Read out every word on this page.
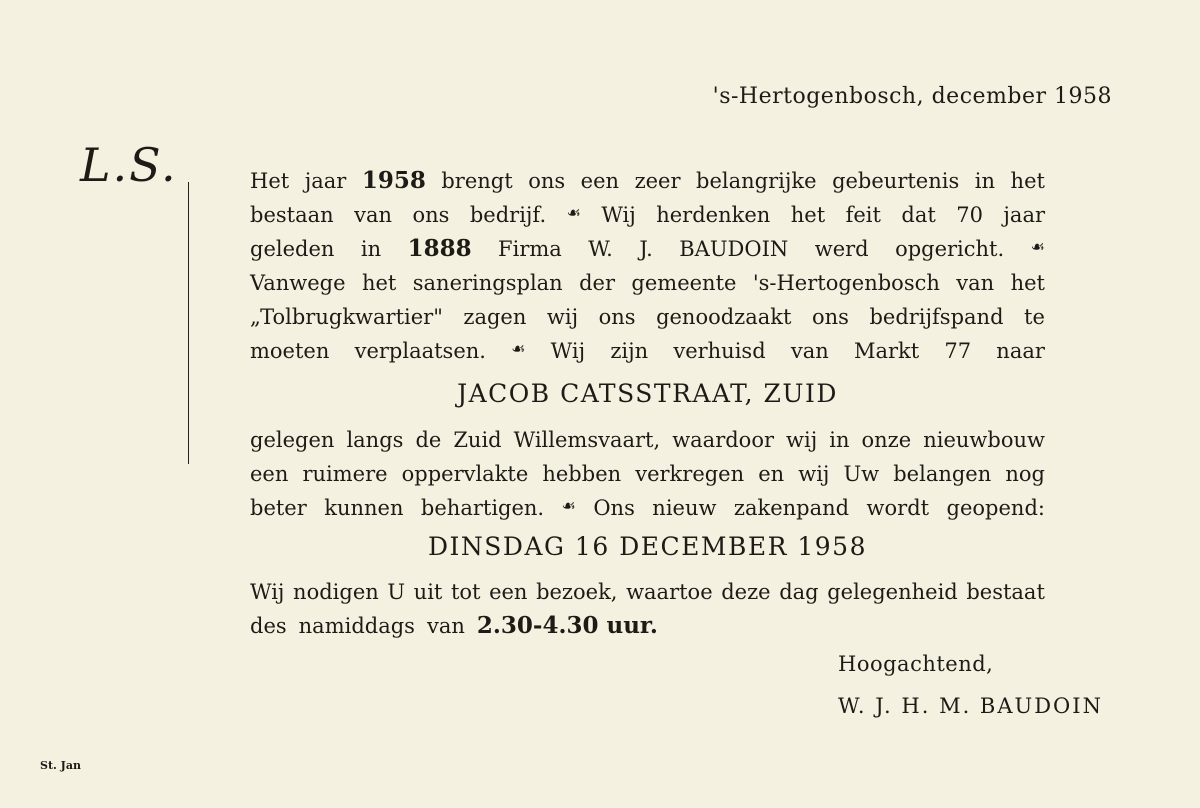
's-Hertogenbosch, december 1958
L.S.	Het jaar 1958 brengt ons een zeer belangrijke gebeurtenis in het
bestaan van ons bedrijf. ☙ Wij herdenken het feit dat 70 jaar
geleden in 1888 Firma W. J. BAUDOIN werd opgericht. ☙
Vanwege het saneringsplan der gemeente 's-Hertogenbosch van het
„Tolbrugkwartier" zagen wij ons genoodzaakt ons bedrijfspand te
moeten verplaatsen. ☙ Wij zijn verhuisd van Markt 77 naar
JACOB CATSSTRAAT, ZUID
gelegen langs de Zuid Willemsvaart, waardoor wij in onze nieuwbouw
een ruimere oppervlakte hebben verkregen en wij Uw belangen nog
beter kunnen behartigen. ☙ Ons nieuw zakenpand wordt geopend:
DINSDAG 16 DECEMBER 1958
Wij nodigen U uit tot een bezoek, waartoe deze dag gelegenheid bestaat
des namiddags van 2.30-4.30 uur.
Hoogachtend,
W. J. H. M. BAUDOIN
St. Jan
